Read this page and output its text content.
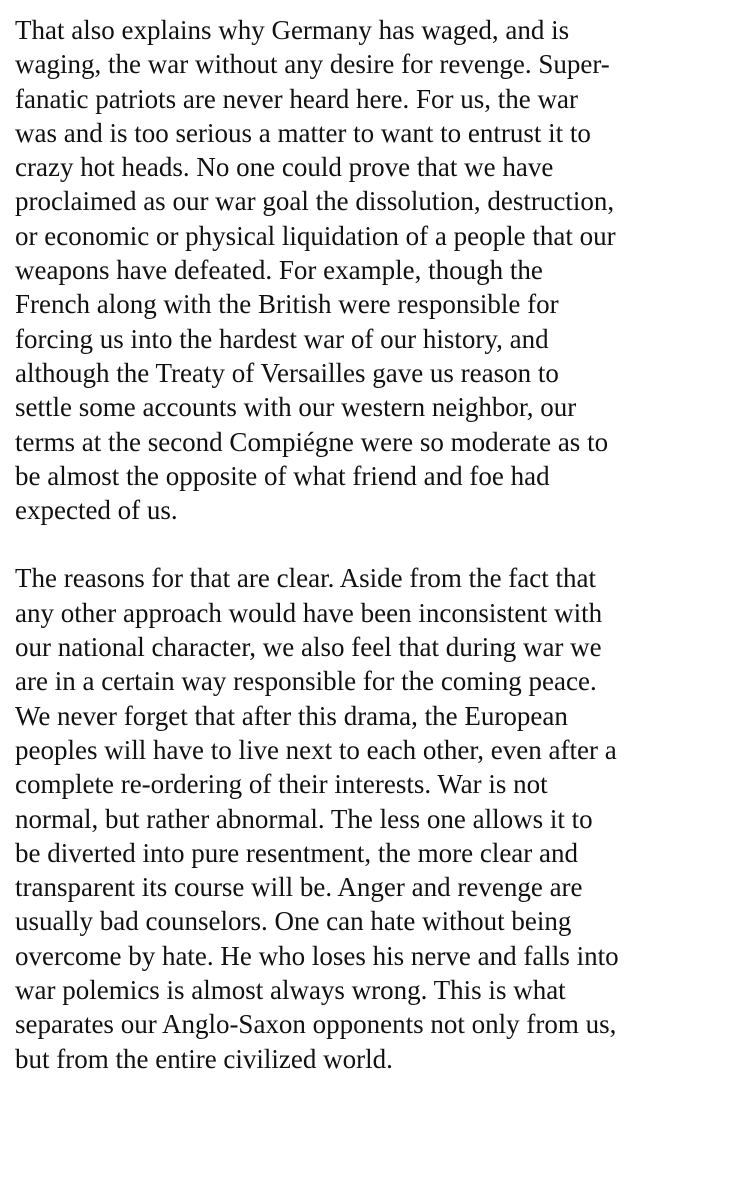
That also explains why Germany has waged, and is
waging, the war without any desire for revenge. Super-
fanatic patriots are never heard here. For us, the war
was and is too serious a matter to want to entrust it to
crazy hot heads. No one could prove that we have
proclaimed as our war goal the dissolution, destruction,
or economic or physical liquidation of a people that our
weapons have defeated. For example, though the
French along with the British were responsible for
forcing us into the hardest war of our history, and
although the Treaty of Versailles gave us reason to
settle some accounts with our western neighbor, our
terms at the second Compiégne were so moderate as to
be almost the opposite of what friend and foe had
expected of us.

The reasons for that are clear. Aside from the fact that
any other approach would have been inconsistent with
our national character, we also feel that during war we
are in a certain way responsible for the coming peace.
We never forget that after this drama, the European
peoples will have to live next to each other, even after a
complete re-ordering of their interests. War is not
normal, but rather abnormal. The less one allows it to
be diverted into pure resentment, the more clear and
transparent its course will be. Anger and revenge are
usually bad counselors. One can hate without being
overcome by hate. He who loses his nerve and falls into
war polemics is almost always wrong. This is what
separates our Anglo-Saxon opponents not only from us,
but from the entire civilized world.
